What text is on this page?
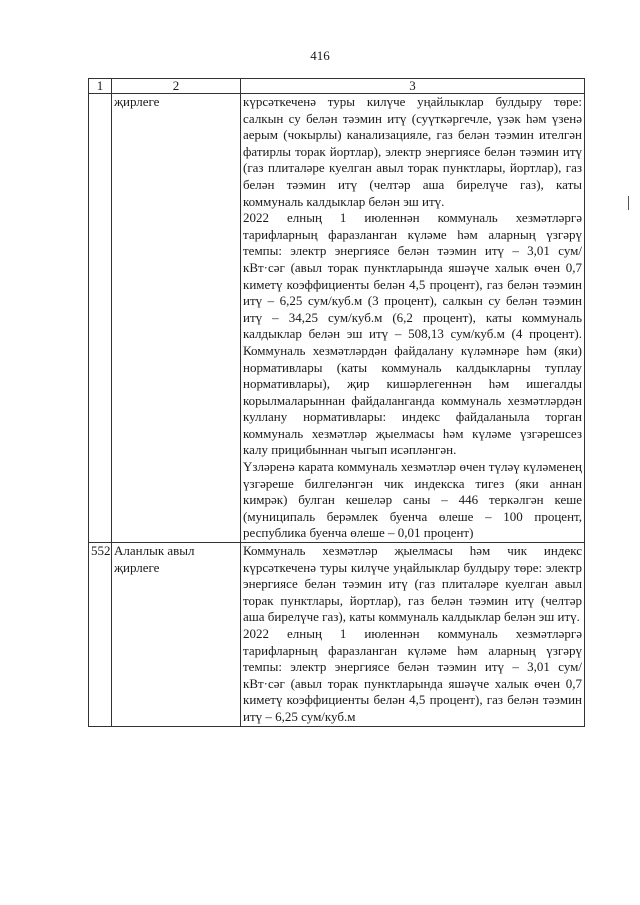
416
1	2	3
	җирлеге	күрсәткеченә туры килүче уңайлыклар булдыру төре: салкын су белән тәэмин итү (суүткәргечле, үзәк һәм үзенә аерым (чокырлы) канализацияле, газ белән тәэмин ителгән фатирлы торак йортлар), электр энергиясе белән тәэмин итү (газ плиталәре куелган авыл торак пунктлары, йортлар), газ белән тәэмин итү (челтәр аша бирелүче газ), каты коммуналь калдыклар белән эш итү.

2022 елның 1 июленнән коммуналь хезмәтләргә тарифларның фаразланган күләме һәм аларның үзгәрү темпы: электр энергиясе белән тәэмин итү – 3,01 сум/кВт·сәг (авыл торак пунктларында яшәүче халык өчен 0,7 киметү коэффициенты белән 4,5 процент), газ белән тәэмин итү – 6,25 сум/куб.м (3 процент), салкын су белән тәэмин итү – 34,25 сум/куб.м (6,2 процент), каты коммуналь калдыклар белән эш итү – 508,13 сум/куб.м (4 процент). Коммуналь хезмәтләрдән файдалану күләмнәре һәм (яки) нормативлары (каты коммуналь калдыкларны туплау нормативлары), җир кишәрлегеннән һәм ишегалды корылмаларыннан файдаланганда коммуналь хезмәтләрдән куллану нормативлары: индекс файдаланыла торган коммуналь хезмәтләр җыелмасы һәм күләме үзгәрешсез калу прицибыннан чыгып исәпләнгән.

Үзләренә карата коммуналь хезмәтләр өчен түләү күләменең үзгәреше билгеләнгән чик индекска тигез (яки аннан кимрәк) булган кешеләр саны – 446 теркәлгән кеше (муниципаль берәмлек буенча өлеше – 100 процент, республика буенча өлеше – 0,01 процент)

552	Аланлык авыл җирлеге	Коммуналь хезмәтләр җыелмасы һәм чик индекс күрсәткеченә туры килүче уңайлыклар булдыру төре: электр энергиясе белән тәэмин итү (газ плиталәре куелган авыл торак пунктлары, йортлар), газ белән тәэмин итү (челтәр аша бирелүче газ), каты коммуналь калдыклар белән эш итү.

2022 елның 1 июленнән коммуналь хезмәтләргә тарифларның фаразланган күләме һәм аларның үзгәрү темпы: электр энергиясе белән тәэмин итү – 3,01 сум/кВт·сәг (авыл торак пунктларында яшәүче халык өчен 0,7 киметү коэффициенты белән 4,5 процент), газ белән тәэмин итү – 6,25 сум/куб.м
